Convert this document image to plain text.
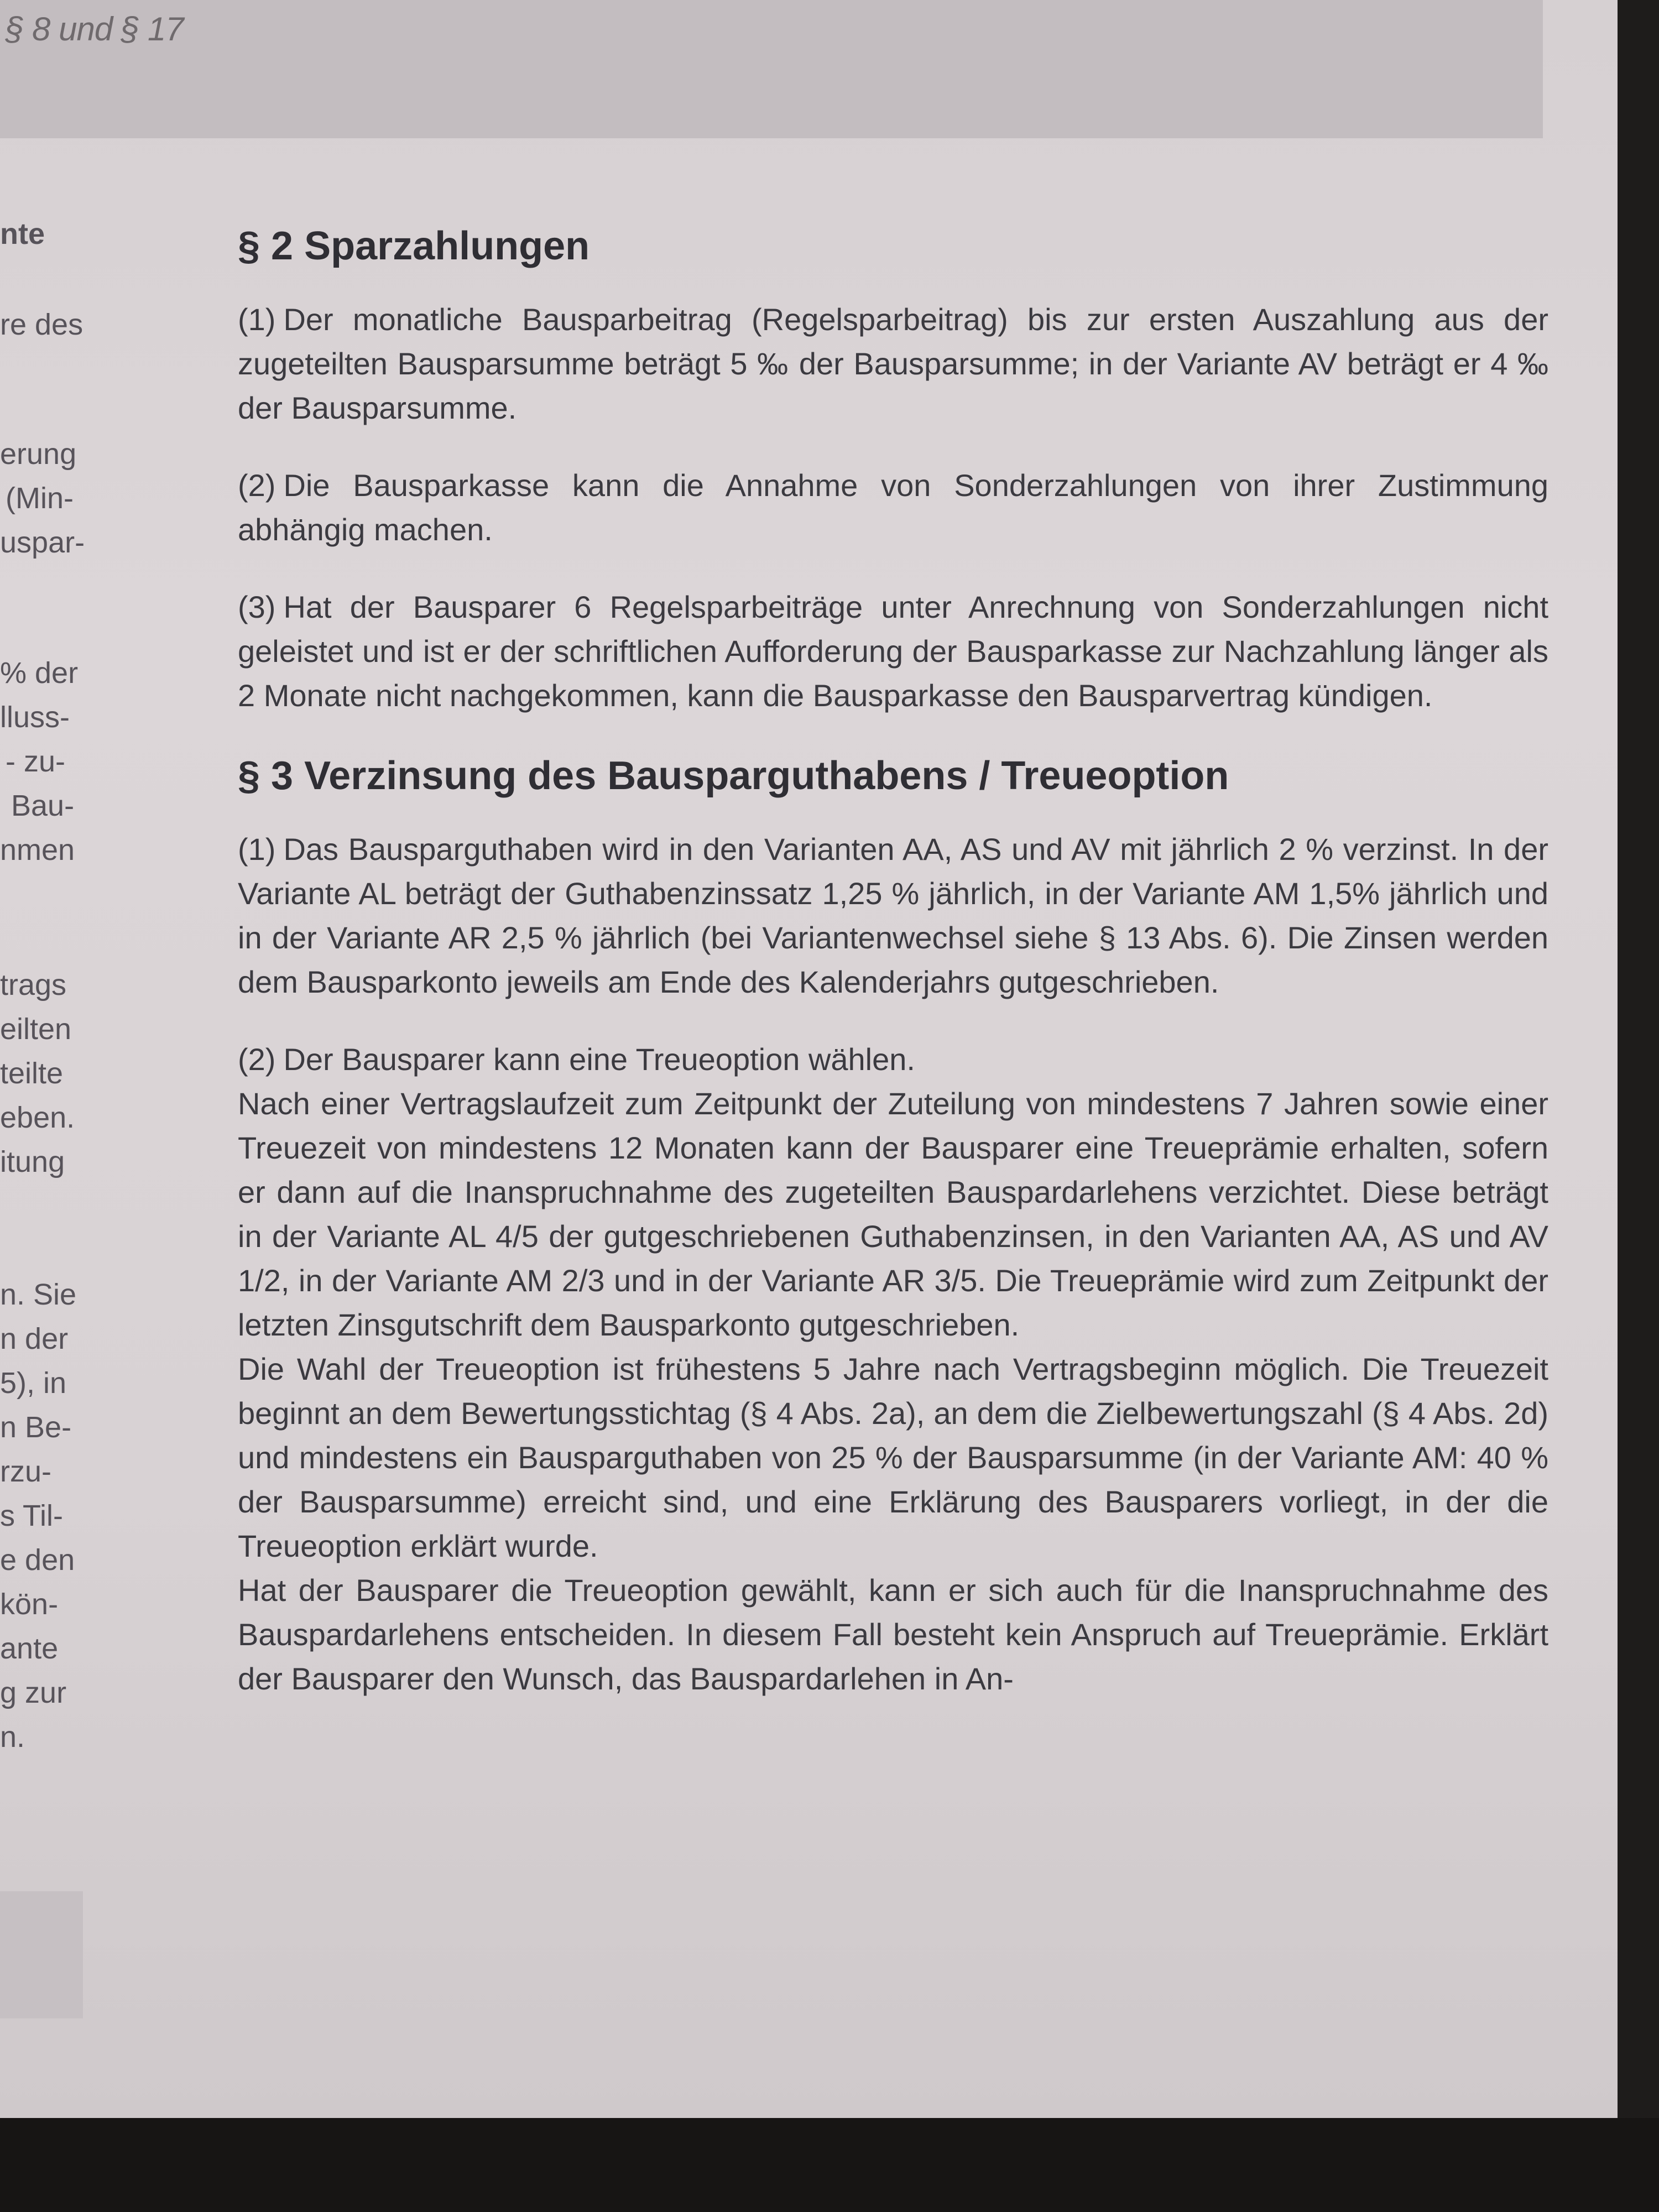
§ 8 und § 17
nte
re des
erung
(Min-
uspar-
% der
lluss-
- zu-
Bau-
nmen
trags
eilten
teilte
eben.
itung
n. Sie
n der
5), in
n Be-
rzu-
s Til-
e den
kön-
ante
g zur
n.
§ 2 Sparzahlungen

(1) Der monatliche Bausparbeitrag (Regelsparbeitrag) bis zur ersten Auszahlung aus der zugeteilten Bausparsumme beträgt 5 ‰ der Bausparsumme; in der Variante AV beträgt er 4 ‰ der Bausparsumme.

(2) Die Bausparkasse kann die Annahme von Sonderzahlungen von ihrer Zustimmung abhängig machen.

(3) Hat der Bausparer 6 Regelsparbeiträge unter Anrechnung von Sonderzahlungen nicht geleistet und ist er der schriftlichen Aufforderung der Bausparkasse zur Nachzahlung länger als 2 Monate nicht nachgekommen, kann die Bausparkasse den Bausparvertrag kündigen.

§ 3 Verzinsung des Bausparguthabens / Treueoption

(1) Das Bausparguthaben wird in den Varianten AA, AS und AV mit jährlich 2 % verzinst. In der Variante AL beträgt der Guthabenzinssatz 1,25 % jährlich, in der Variante AM 1,5% jährlich und in der Variante AR 2,5 % jährlich (bei Variantenwechsel siehe § 13 Abs. 6). Die Zinsen werden dem Bausparkonto jeweils am Ende des Kalenderjahrs gutgeschrieben.

(2) Der Bausparer kann eine Treueoption wählen.

Nach einer Vertragslaufzeit zum Zeitpunkt der Zuteilung von mindestens 7 Jahren sowie einer Treuezeit von mindestens 12 Monaten kann der Bausparer eine Treueprämie erhalten, sofern er dann auf die Inanspruchnahme des zugeteilten Bauspardarlehens verzichtet. Diese beträgt in der Variante AL 4/5 der gutgeschriebenen Guthabenzinsen, in den Varianten AA, AS und AV 1/2, in der Variante AM 2/3 und in der Variante AR 3/5. Die Treueprämie wird zum Zeitpunkt der letzten Zinsgutschrift dem Bausparkonto gutgeschrieben.

Die Wahl der Treueoption ist frühestens 5 Jahre nach Vertragsbeginn möglich. Die Treuezeit beginnt an dem Bewertungsstichtag (§ 4 Abs. 2a), an dem die Zielbewertungszahl (§ 4 Abs. 2d) und mindestens ein Bausparguthaben von 25 % der Bausparsumme (in der Variante AM: 40 % der Bausparsumme) erreicht sind, und eine Erklärung des Bausparers vorliegt, in der die Treueoption erklärt wurde.

Hat der Bausparer die Treueoption gewählt, kann er sich auch für die Inanspruchnahme des Bauspardarlehens entscheiden. In diesem Fall besteht kein Anspruch auf Treueprämie. Erklärt der Bausparer den Wunsch, das Bauspardarlehen in An-
